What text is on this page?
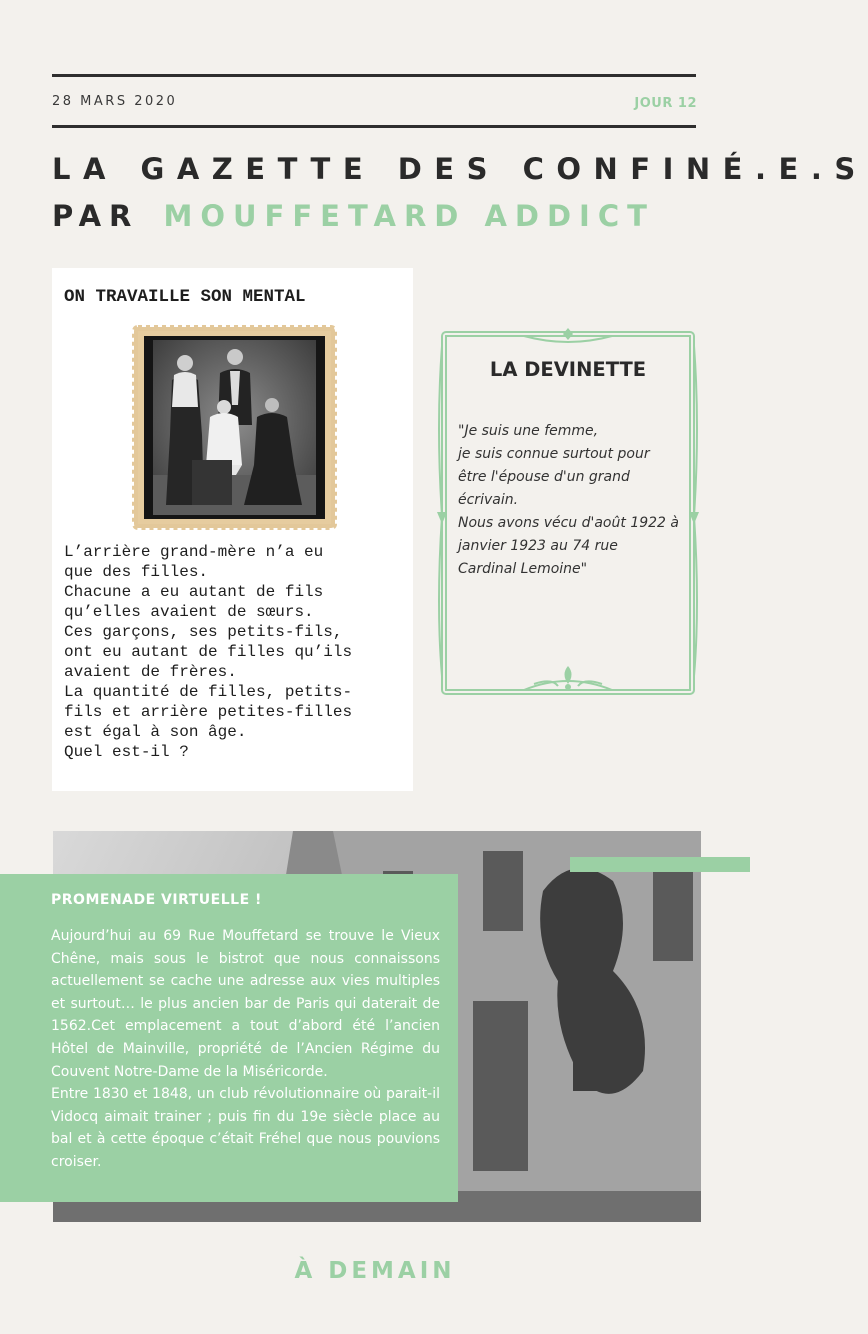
28 MARS 2020	JOUR 12
LA GAZETTE DES CONFINÉ.E.S
PAR MOUFFETARD ADDICT
ON TRAVAILLE SON MENTAL
L’arrière grand-mère n’a eu
que des filles.
Chacune a eu autant de fils
qu’elles avaient de sœurs.
Ces garçons, ses petits-fils,
ont eu autant de filles qu’ils
avaient de frères.
La quantité de filles, petits-
fils et arrière petites-filles
est égal à son âge.
Quel est-il ?
LA DEVINETTE
"Je suis une femme,
je suis connue surtout pour
être l'épouse d'un grand
écrivain.
Nous avons vécu d'août 1922 à
janvier 1923 au 74 rue
Cardinal Lemoine"
PROMENADE VIRTUELLE !
Aujourd’hui au 69 Rue Mouffetard se trouve le Vieux Chêne, mais sous le bistrot que nous connaissons actuellement se cache une adresse aux vies multiples et surtout… le plus ancien bar de Paris qui daterait de 1562.Cet emplacement a tout d’abord été l’ancien Hôtel de Mainville, propriété de l’Ancien Régime du Couvent Notre-Dame de la Miséricorde.
Entre 1830 et 1848, un club révolutionnaire où parait-il Vidocq aimait trainer ; puis fin du 19e siècle place au bal et à cette époque c’était Fréhel que nous pouvions croiser.
À DEMAIN
